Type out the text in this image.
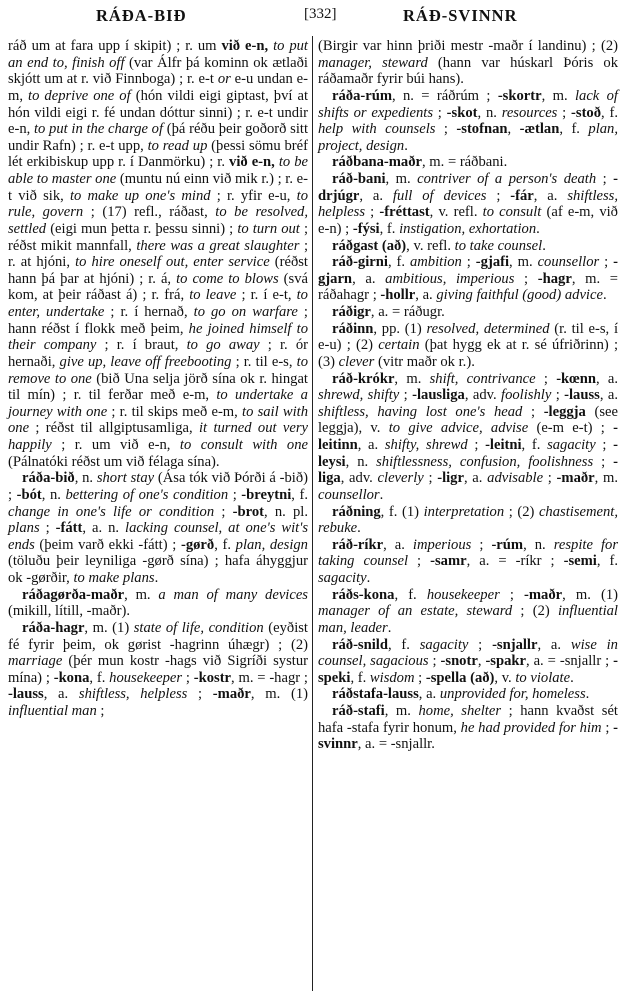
RÁÐA-BIÐ	[332]	RÁÐ-SVINNR

ráð um at fara upp í skipit) ; r. um við e-n, to put an end to, finish off (var Álfr þá kominn ok ætlaði skjótt um at r. við Finnboga) ; r. e-t or e-u undan e-m, to deprive one of (hón vildi eigi giptast, því at hón vildi eigi r. fé undan dóttur sinni) ; r. e-t undir e-n, to put in the charge of (þá réðu þeir goðorð sitt undir Rafn) ; r. e-t upp, to read up (þessi sömu bréf lét erkibiskup upp r. í Danmörku) ; r. við e-n, to be able to master one (muntu nú einn við mik r.) ; r. e-t við sik, to make up one's mind ; r. yfir e-u, to rule, govern ; (17) refl., ráðast, to be resolved, settled (eigi mun þetta r. þessu sinni) ; to turn out ; réðst mikit mannfall, there was a great slaughter ; r. at hjóni, to hire oneself out, enter service (réðst hann þá þar at hjóni) ; r. á, to come to blows (svá kom, at þeir ráðast á) ; r. frá, to leave ; r. í e-t, to enter, undertake ; r. í hernað, to go on warfare ; hann réðst í flokk með þeim, he joined himself to their company ; r. í braut, to go away ; r. ór hernaði, give up, leave off freebooting ; r. til e-s, to remove to one (bið Una selja jörð sína ok r. hingat til mín) ; r. til ferðar með e-m, to undertake a journey with one ; r. til skips með e-m, to sail with one ; réðst til allgiptusamliga, it turned out very happily ; r. um við e-n, to consult with one (Pálnatóki réðst um við félaga sína).

ráða-bið, n. short stay (Ása tók við Þórði á -bið) ; -bót, n. bettering of one's condition ; -breytni, f. change in one's life or condition ; -brot, n. pl. plans ; -fátt, a. n. lacking counsel, at one's wit's ends (þeim varð ekki -fátt) ; -gørð, f. plan, design (töluðu þeir leyniliga -gørð sína) ; hafa áhyggjur ok -gørðir, to make plans.

ráðagørða-maðr, m. a man of many devices (mikill, lítill, -maðr).

ráða-hagr, m. (1) state of life, condition (eyðist fé fyrir þeim, ok gørist -hagrinn úhægr) ; (2) marriage (þér mun kostr -hags við Sigríði systur mína) ; -kona, f. housekeeper ; -kostr, m. = -hagr ; -lauss, a. shiftless, helpless ; -maðr, m. (1) influential man ;

(Birgir var hinn þriði mestr -maðr í landinu) ; (2) manager, steward (hann var húskarl Þóris ok ráðamaðr fyrir búi hans).

ráða-rúm, n. = ráðrúm ; -skortr, m. lack of shifts or expedients ; -skot, n. resources ; -stoð, f. help with counsels ; -stofnan, -ætlan, f. plan, project, design.

ráðbana-maðr, m. = ráðbani.

ráð-bani, m. contriver of a person's death ; -drjúgr, a. full of devices ; -fár, a. shiftless, helpless ; -fréttast, v. refl. to consult (af e-m, við e-n) ; -fýsi, f. instigation, exhortation.

ráðgast (að), v. refl. to take counsel.

ráð-girni, f. ambition ; -gjafi, m. counsellor ; -gjarn, a. ambitious, imperious ; -hagr, m. = ráðahagr ; -hollr, a. giving faithful (good) advice.

ráðigr, a. = ráðugr.

ráðinn, pp. (1) resolved, determined (r. til e-s, í e-u) ; (2) certain (þat hygg ek at r. sé úfriðrinn) ; (3) clever (vitr maðr ok r.).

ráð-krókr, m. shift, contrivance ; -kœnn, a. shrewd, shifty ; -lausliga, adv. foolishly ; -lauss, a. shiftless, having lost one's head ; -leggja (see leggja), v. to give advice, advise (e-m e-t) ; -leitinn, a. shifty, shrewd ; -leitni, f. sagacity ; -leysi, n. shiftlessness, confusion, foolishness ; -liga, adv. cleverly ; -ligr, a. advisable ; -maðr, m. counsellor.

ráðning, f. (1) interpretation ; (2) chastisement, rebuke.

ráð-ríkr, a. imperious ; -rúm, n. respite for taking counsel ; -samr, a. = -ríkr ; -semi, f. sagacity.

ráðs-kona, f. housekeeper ; -maðr, m. (1) manager of an estate, steward ; (2) influential man, leader.

ráð-snild, f. sagacity ; -snjallr, a. wise in counsel, sagacious ; -snotr, -spakr, a. = -snjallr ; -speki, f. wisdom ; -spella (að), v. to violate.

ráðstafa-lauss, a. unprovided for, homeless.

ráð-stafi, m. home, shelter ; hann kvaðst sét hafa -stafa fyrir honum, he had provided for him ; -svinnr, a. = -snjallr.
